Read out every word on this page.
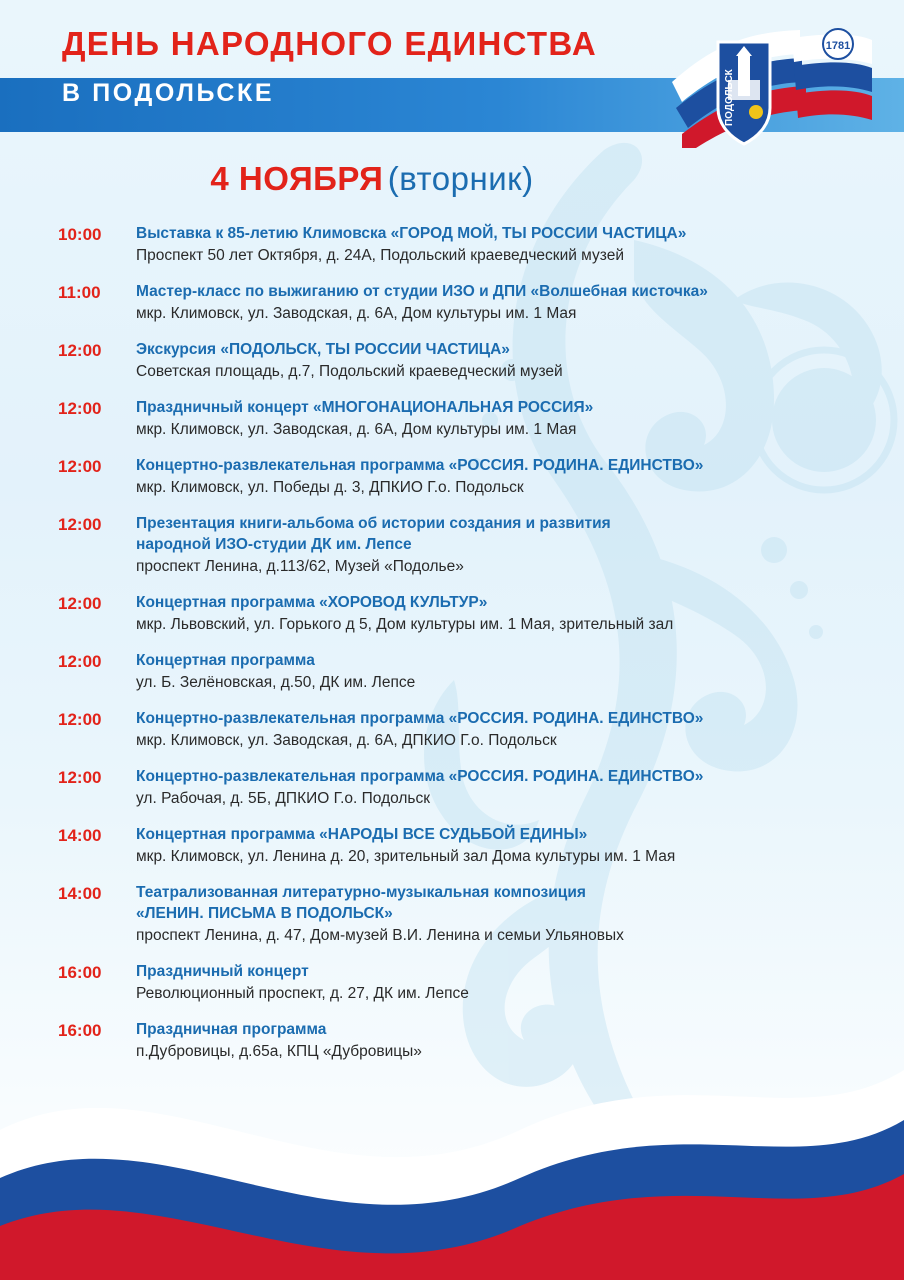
ДЕНЬ НАРОДНОГО ЕДИНСТВА
В ПОДОЛЬСКЕ
1781
ПОДОЛЬСК
4 НОЯБРЯ (вторник)
10:00	Выставка к 85-летию Климовска «ГОРОД МОЙ, ТЫ РОССИИ ЧАСТИЦА»
Проспект 50 лет Октября, д. 24А, Подольский краеведческий музей
11:00	Мастер-класс по выжиганию от студии ИЗО и ДПИ «Волшебная кисточка»
мкр. Климовск, ул. Заводская, д. 6А, Дом культуры им. 1 Мая
12:00	Экскурсия «ПОДОЛЬСК, ТЫ РОССИИ ЧАСТИЦА»
Советская площадь, д.7, Подольский краеведческий музей
12:00	Праздничный концерт «МНОГОНАЦИОНАЛЬНАЯ РОССИЯ»
мкр. Климовск, ул. Заводская, д. 6А, Дом культуры им. 1 Мая
12:00	Концертно-развлекательная программа «РОССИЯ. РОДИНА. ЕДИНСТВО»
мкр. Климовск, ул. Победы д. 3, ДПКИО Г.о. Подольск
12:00	Презентация книги-альбома об истории создания и развития
народной ИЗО-студии ДК им. Лепсе
проспект Ленина, д.113/62, Музей «Подолье»
12:00	Концертная программа «ХОРОВОД КУЛЬТУР»
мкр. Львовский, ул. Горького д 5, Дом культуры им. 1 Мая, зрительный зал
12:00	Концертная программа
ул. Б. Зелёновская, д.50, ДК им. Лепсе
12:00	Концертно-развлекательная программа «РОССИЯ. РОДИНА. ЕДИНСТВО»
мкр. Климовск, ул. Заводская, д. 6А, ДПКИО Г.о. Подольск
12:00	Концертно-развлекательная программа «РОССИЯ. РОДИНА. ЕДИНСТВО»
ул. Рабочая, д. 5Б, ДПКИО Г.о. Подольск
14:00	Концертная программа «НАРОДЫ ВСЕ СУДЬБОЙ ЕДИНЫ»
мкр. Климовск, ул. Ленина д. 20, зрительный зал Дома культуры им. 1 Мая
14:00	Театрализованная литературно-музыкальная композиция
«ЛЕНИН. ПИСЬМА В ПОДОЛЬСК»
проспект Ленина, д. 47, Дом-музей В.И. Ленина и семьи Ульяновых
16:00	Праздничный концерт
Революционный проспект, д. 27, ДК им. Лепсе
16:00	Праздничная программа
п.Дубровицы, д.65а, КПЦ «Дубровицы»
